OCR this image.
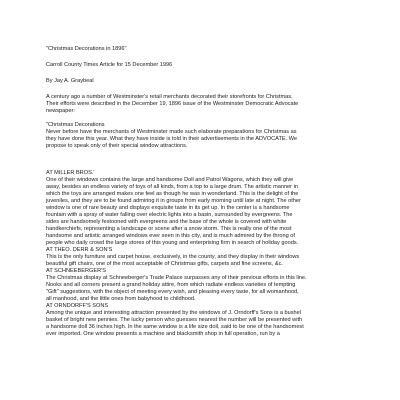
"Christmas Decorations in 1896"

Carroll County Times Article for 15 December 1996

By Jay A. Graybeal

A century ago a number of Westminster's retail merchants decorated their storefronts for Christmas.
Their efforts were described in the December 19, 1896 issue of the Westminster Democratic Advocate
newspaper:

"Christmas Decorations

Never before have the merchants of Westminster made such elaborate preparations for Christmas as
they have done this year. What they have inside is told in their advertisements in the ADVOCATE. We
propose to speak only of their special window attractions.

AT MILLER BROS.'

One of their windows contains the large and handsome Doll and Patrol Wagons, which they will give
away, besides an endless variety of toys of all kinds, from a top to a large drum. The artistic manner in
which the toys are arranged makes one feel as though he was in wonderland. This is the delight of the
juveniles, and they are to be found admiring it in groups from early morning until late at night. The other
window is one of rare beauty and displays exquisite taste in its get up. In the center is a handsome
fountain with a spray of water falling over electric lights into a basin, surrounded by evergreens. The
sides are handsomely festooned with evergreens and the base of the whole is covered with white
handkerchiefs, representing a landscape or scene after a snow storm. This is really one of the most
handsome and artistic arranged windows ever seen in this city, and is much admired by the throng of
people who daily crowd the large stores of this young and enterprising firm in search of holiday goods.

AT THEO. DERR & SON'S

This is the only furniture and carpet house, exclusively, in the county, and they display in their windows
beautiful gift chairs, one of the most acceptable of Christmas gifts, carpets and fine screens, &c.

AT SCHNEEBERGER'S

The Christmas display at Schneeberger's Trade Palace surpasses any of their previous efforts in this line.
Nooks and all corners present a grand holiday attire, from which radiate endless varieties of tempting
"Gift" suggestions, with the object of meeting every wish, and pleasing every taste, for all womanhood,
all manhood, and the little ones from babyhood to childhood.

AT ORNDORFF'S SONS

Among the unique and interesting attraction presented by the windows of J. Orndorff's Sons is a bushel
basket of bright new pennies. The lucky person who guesses nearest the number will be presented with
a handsome doll 36 inches high. In the same window is a life size doll, said to be one of the handsomest
ever imported. One window presents a machine and blacksmith shop in full operation, run by a
